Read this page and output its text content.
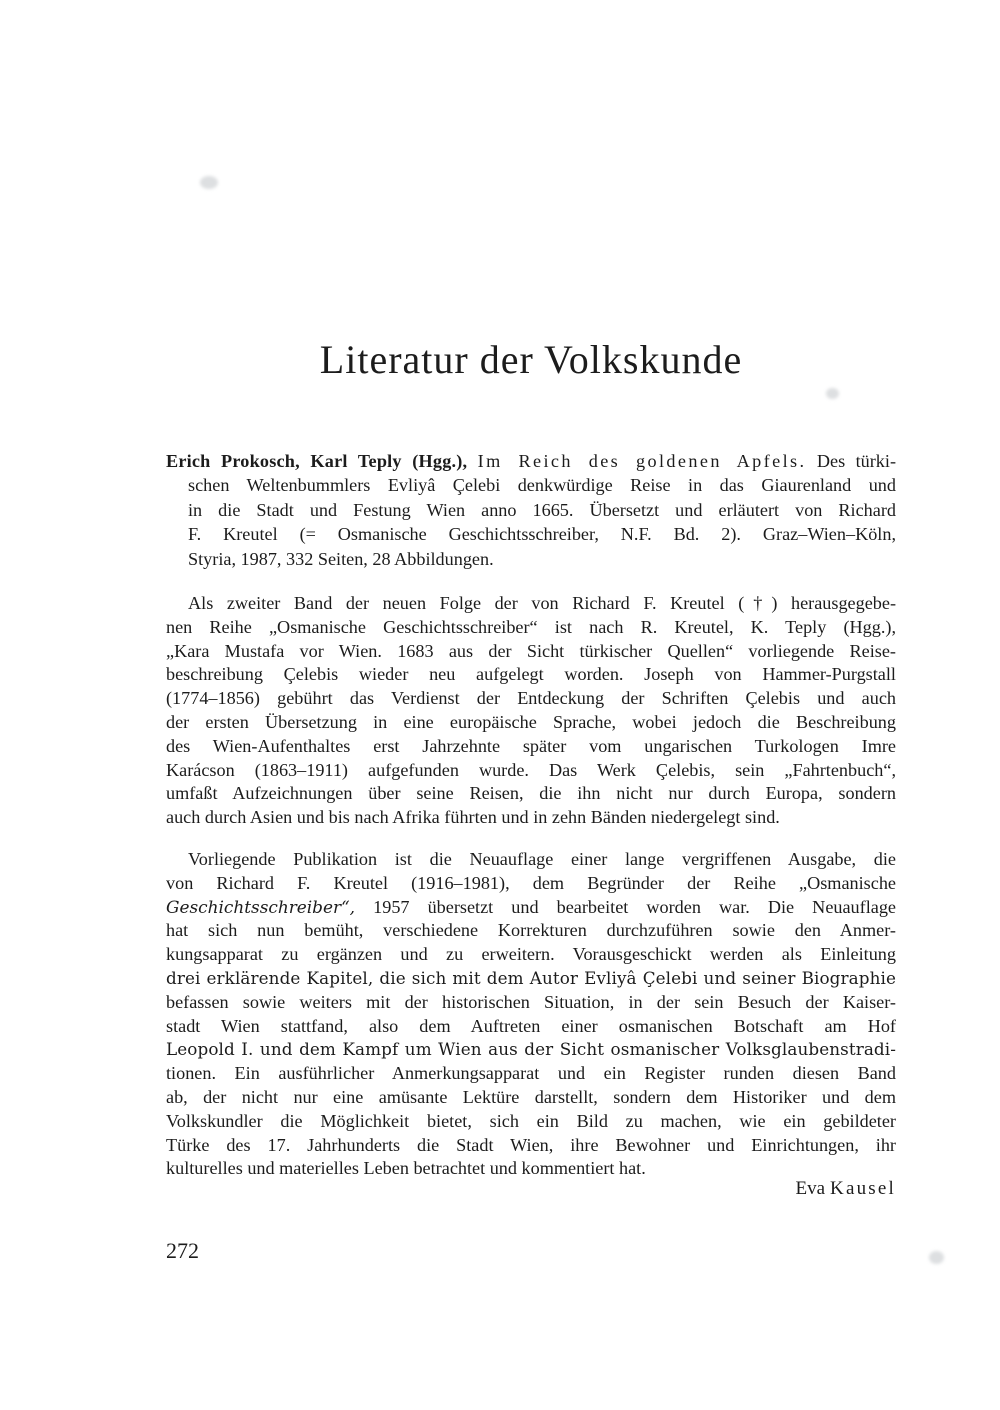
Literatur der Volkskunde
Erich Prokosch, Karl Teply (Hgg.), Im Reich des goldenen Apfels. Des türki-
schen Weltenbummlers Evliyâ Çelebi denkwürdige Reise in das Giaurenland und
in die Stadt und Festung Wien anno 1665. Übersetzt und erläutert von Richard
F. Kreutel (= Osmanische Geschichtsschreiber, N.F. Bd. 2). Graz–Wien–Köln,
Styria, 1987, 332 Seiten, 28 Abbildungen.
Als zweiter Band der neuen Folge der von Richard F. Kreutel (†) herausgegebe-
nen Reihe „Osmanische Geschichtsschreiber“ ist nach R. Kreutel, K. Teply (Hgg.),
„Kara Mustafa vor Wien. 1683 aus der Sicht türkischer Quellen“ vorliegende Reise-
beschreibung Çelebis wieder neu aufgelegt worden. Joseph von Hammer-Purgstall
(1774–1856) gebührt das Verdienst der Entdeckung der Schriften Çelebis und auch
der ersten Übersetzung in eine europäische Sprache, wobei jedoch die Beschreibung
des Wien-Aufenthaltes erst Jahrzehnte später vom ungarischen Turkologen Imre
Karácson (1863–1911) aufgefunden wurde. Das Werk Çelebis, sein „Fahrtenbuch“,
umfaßt Aufzeichnungen über seine Reisen, die ihn nicht nur durch Europa, sondern
auch durch Asien und bis nach Afrika führten und in zehn Bänden niedergelegt sind.
Vorliegende Publikation ist die Neuauflage einer lange vergriffenen Ausgabe, die
von Richard F. Kreutel (1916–1981), dem Begründer der Reihe „Osmanische
Geschichtsschreiber“, 1957 übersetzt und bearbeitet worden war. Die Neuauflage
hat sich nun bemüht, verschiedene Korrekturen durchzuführen sowie den Anmer-
kungsapparat zu ergänzen und zu erweitern. Vorausgeschickt werden als Einleitung
drei erklärende Kapitel, die sich mit dem Autor Evliyâ Çelebi und seiner Biographie
befassen sowie weiters mit der historischen Situation, in der sein Besuch der Kaiser-
stadt Wien stattfand, also dem Auftreten einer osmanischen Botschaft am Hof
Leopold I. und dem Kampf um Wien aus der Sicht osmanischer Volksglaubenstradi-
tionen. Ein ausführlicher Anmerkungsapparat und ein Register runden diesen Band
ab, der nicht nur eine amüsante Lektüre darstellt, sondern dem Historiker und dem
Volkskundler die Möglichkeit bietet, sich ein Bild zu machen, wie ein gebildeter
Türke des 17. Jahrhunderts die Stadt Wien, ihre Bewohner und Einrichtungen, ihr
kulturelles und materielles Leben betrachtet und kommentiert hat.
Eva Kausel
272
